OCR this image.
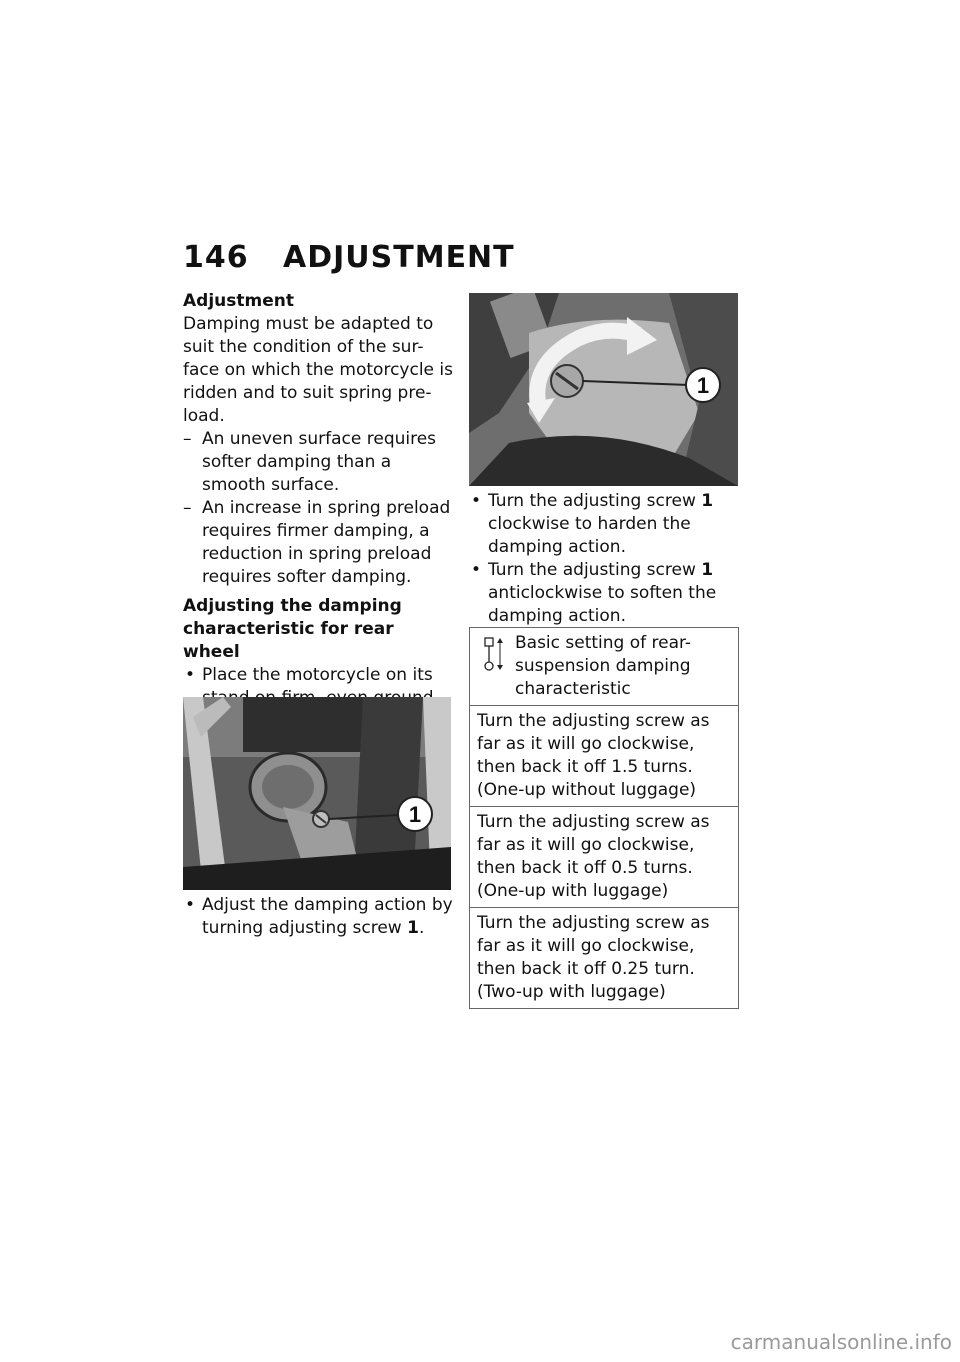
146 ADJUSTMENT

Adjustment

Damping must be adapted to suit the condition of the sur-face on which the motorcycle is ridden and to suit spring pre-load.

– An uneven surface requires softer damping than a smooth surface.

– An increase in spring preload requires firmer damping, a reduction in spring preload requires softer damping.

Adjusting the damping characteristic for rear wheel

• Place the motorcycle on its

• Adjust the damping action by turning adjusting screw 1.

1
1

• Turn the adjusting screw 1 clockwise to harden the damping action.

• Turn the adjusting screw 1 anticlockwise to soften the damping action.

Basic setting of rear-suspension damping characteristic
Turn the adjusting screw as far as it will go clockwise, then back it off 1.5 turns. (One-up without luggage)
Turn the adjusting screw as far as it will go clockwise, then back it off 0.5 turns. (One-up with luggage)
Turn the adjusting screw as far as it will go clockwise, then back it off 0.25 turn. (Two-up with luggage)
carmanualsonline.info
